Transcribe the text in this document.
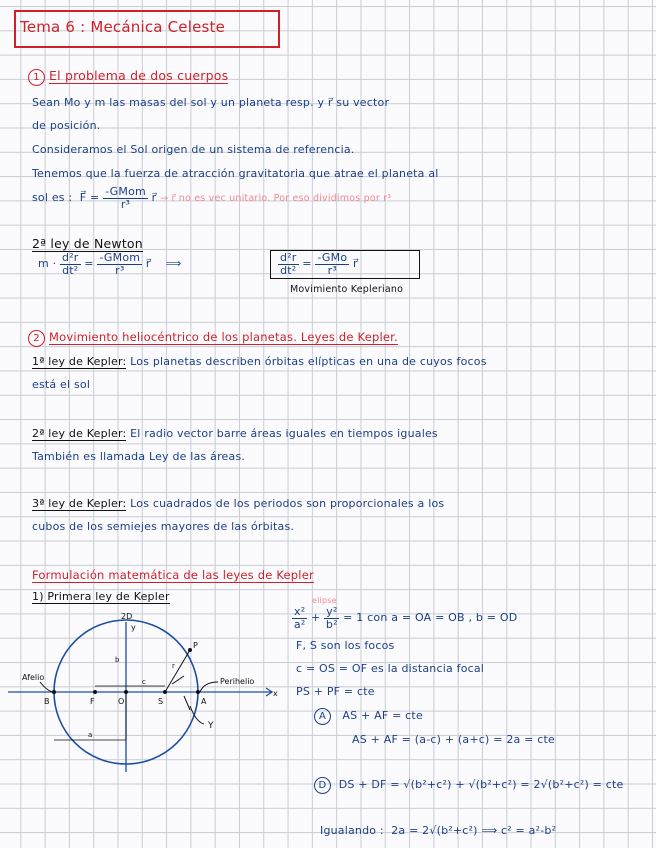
Tema 6 : Mecánica Celeste
1 El problema de dos cuerpos
Sean Mo y m las masas del sol y un planeta resp. y r⃗ su vector
de posición.
Consideramos el Sol origen de un sistema de referencia.
Tenemos que la fuerza de atracción gravitatoria que atrae el planeta al
sol es : F⃗ = $\frac{\text{-GMom}}{\text{r³}}$ r⃗ → r⃗ no es vec unitario. Por eso dividimos por r³
2ª ley de Newton
$m \cdot \frac{\text{d²r}}{\text{dt²}} = \frac{\text{-GMom}}{\text{r³}}$ r⃗ ⟹	$\frac{\text{d²r}}{\text{dt²}} = \frac{\text{-GMo}}{\text{r³}}$ r⃗
Movimiento Kepleriano
2 Movimiento heliocéntrico de los planetas. Leyes de Kepler.
1ª ley de Kepler: Los planetas describen órbitas elípticas en una de cuyos focos
está el sol
2ª ley de Kepler: El radio vector barre áreas iguales en tiempos iguales
También es llamada Ley de las áreas.
3ª ley de Kepler: Los cuadrados de los periodos son proporcionales a los
cubos de los semiejes mayores de las órbitas.
Formulación matemática de las leyes de Kepler
1) Primera ley de Kepler	elipse
$\frac{\text{x²}}{\text{a²}} + \frac{\text{y²}}{\text{b²}} = 1$ con a = OA = OB , b = OD
F, S son los focos
c = OS = OF es la distancia focal
PS + PF = cte
A AS + AF = cte
AS + AF = (a-c) + (a+c) = 2a = cte
D DS + DF = √(b²+c²) + √(b²+c²) = 2√(b²+c²) = cte
Igualando : 2a = 2√(b²+c²) ⟹ c² = a²-b²
2D
y
x
Afelio	Perihelio
B	F	O	S	A
P
b
c
a
r
Y
